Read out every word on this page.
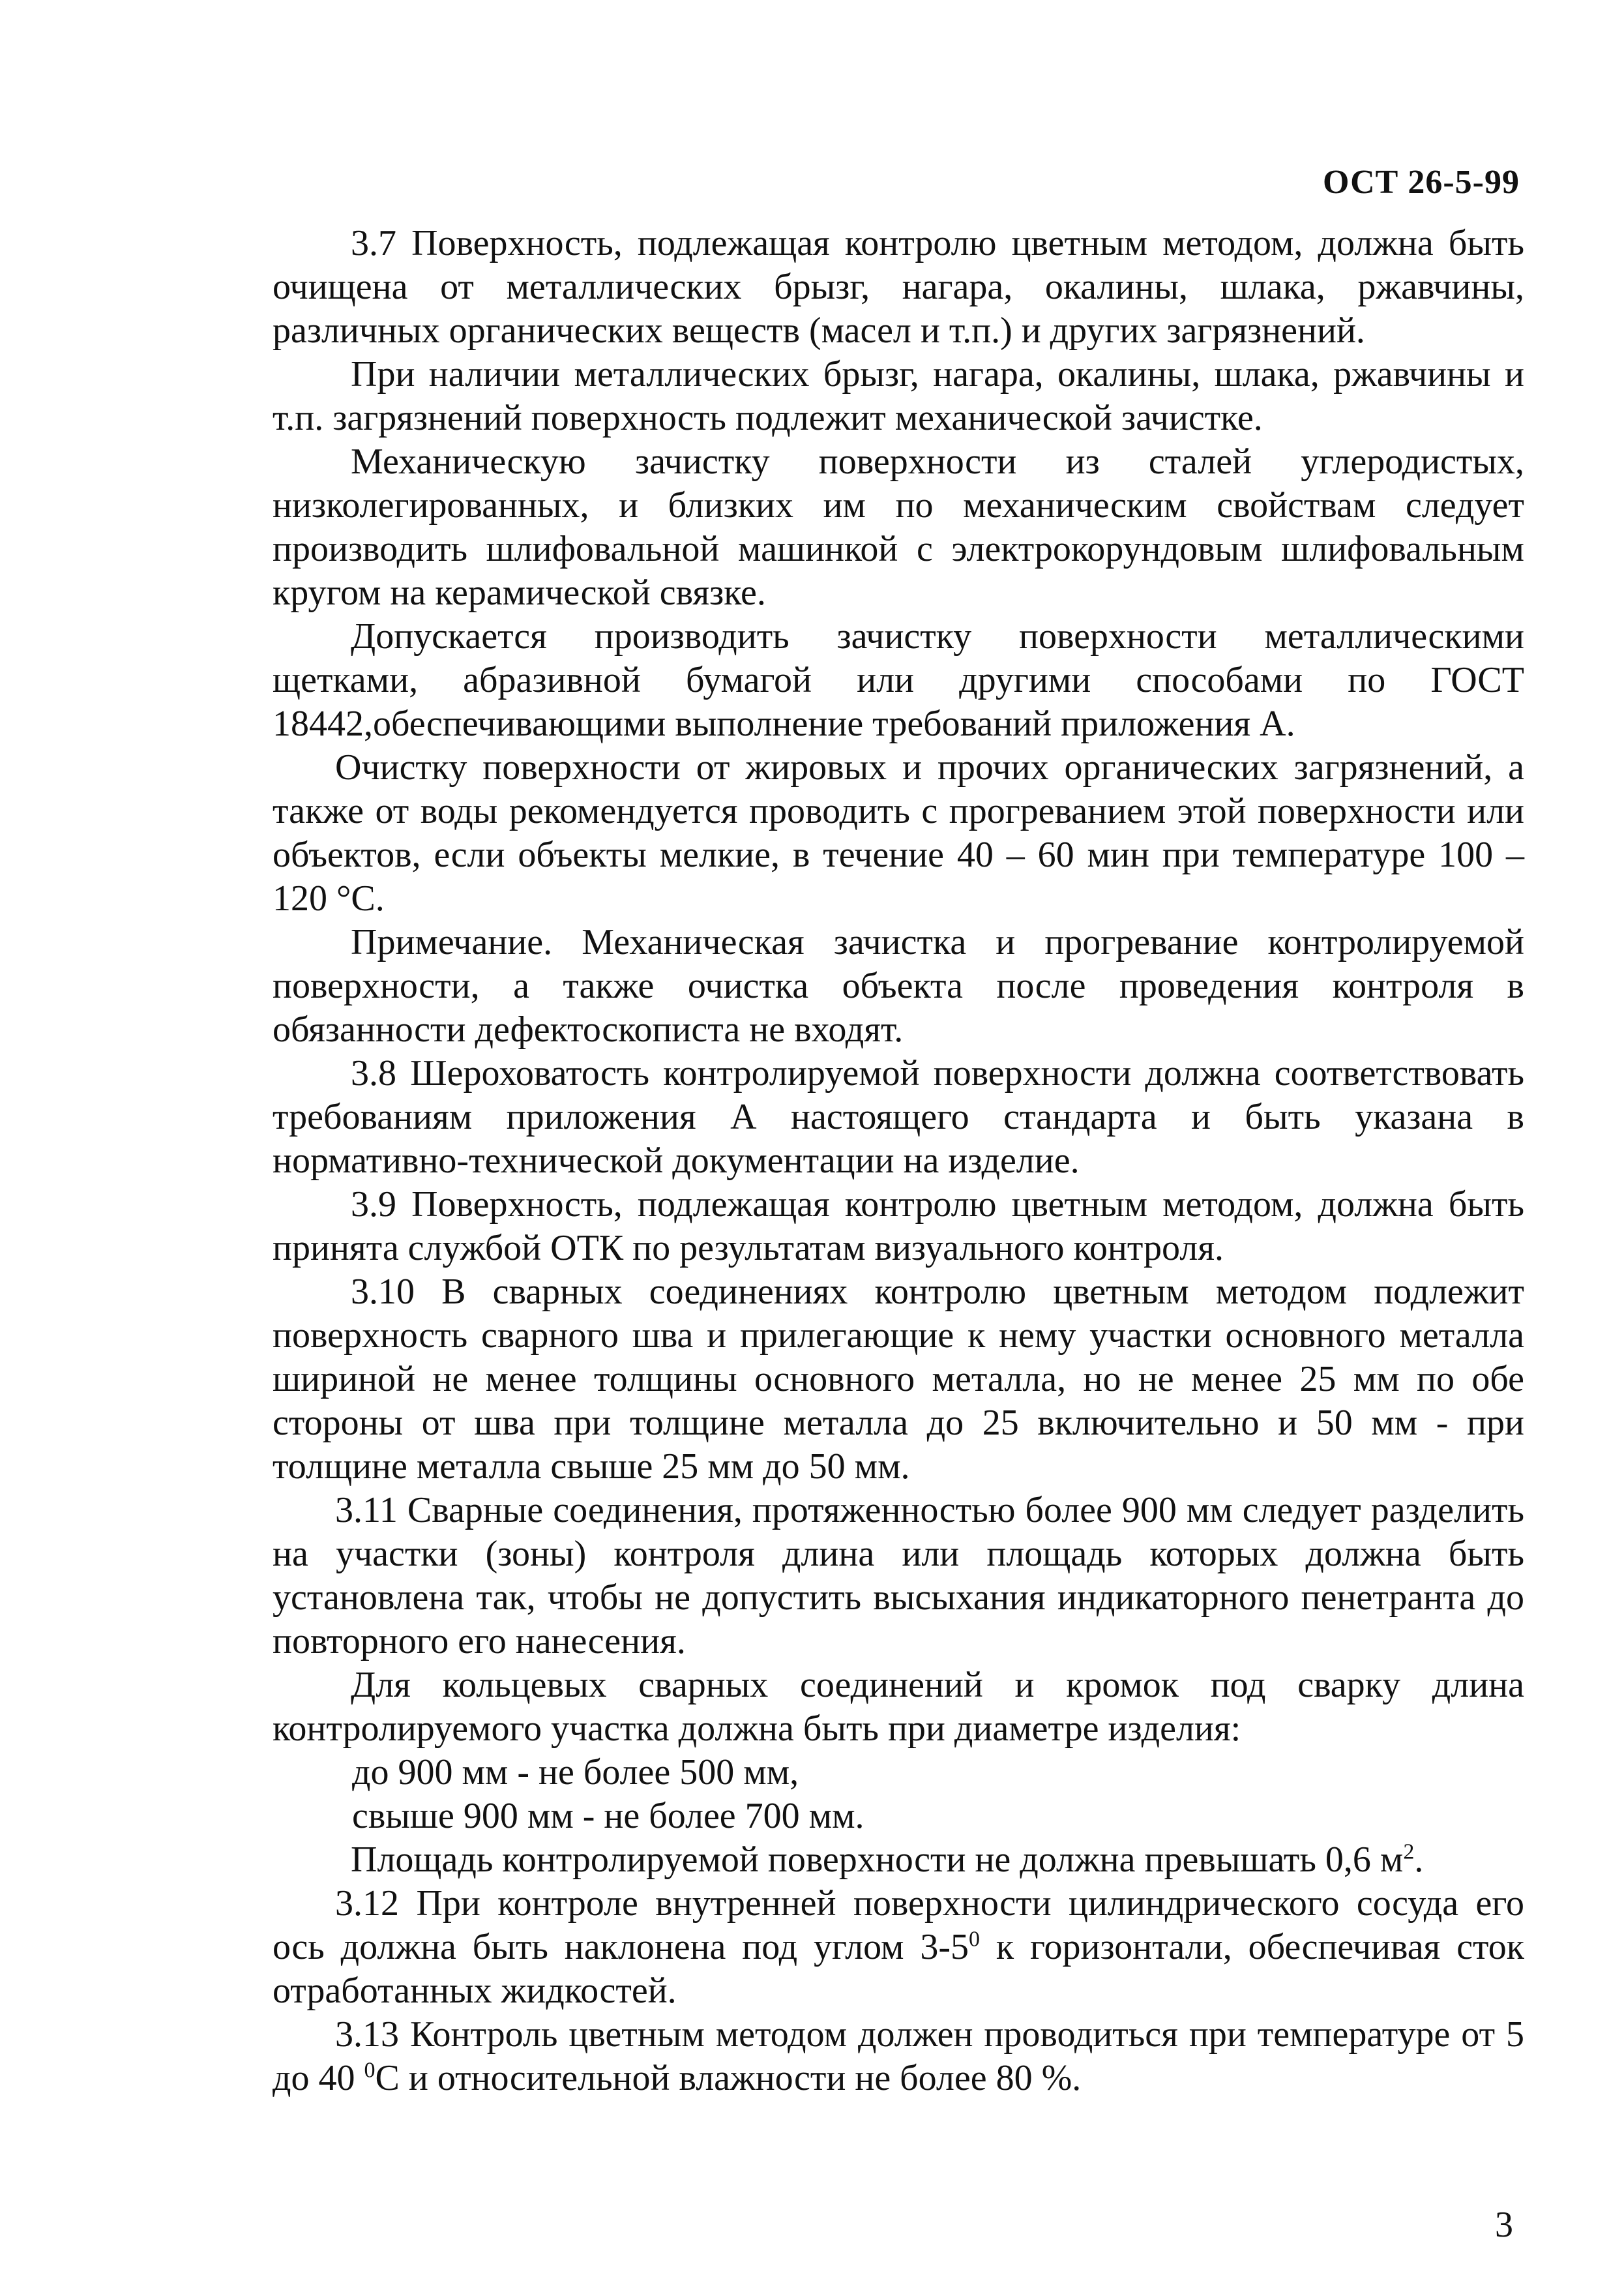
ОСТ 26-5-99

3.7 Поверхность, подлежащая контролю цветным методом, должна быть очищена от металлических брызг, нагара, окалины, шлака, ржавчины, различных органических веществ (масел и т.п.) и других загрязнений.

При наличии металлических брызг, нагара, окалины, шлака, ржавчины и т.п. загрязнений поверхность подлежит механической зачистке.

Механическую зачистку поверхности из сталей углеродистых, низколегированных, и близких им по механическим свойствам следует производить шлифовальной машинкой с электрокорундовым шлифовальным кругом на керамической связке.

Допускается производить зачистку поверхности металлическими щетками, абразивной бумагой или другими способами по ГОСТ 18442,обеспечивающими выполнение требований приложения А.

Очистку поверхности от жировых и прочих органических загрязнений, а также от воды рекомендуется проводить с прогреванием этой поверхности или объектов, если объекты мелкие, в течение 40 – 60 мин при температуре 100 – 120 °С.

Примечание. Механическая зачистка и прогревание контролируемой поверхности, а также очистка объекта после проведения контроля в обязанности дефектоскописта не входят.

3.8 Шероховатость контролируемой поверхности должна соответствовать требованиям приложения А настоящего стандарта и быть указана в нормативно-технической документации на изделие.

3.9 Поверхность, подлежащая контролю цветным методом, должна быть принята службой ОТК по результатам визуального контроля.

3.10 В сварных соединениях контролю цветным методом подлежит поверхность сварного шва и прилегающие к нему участки основного металла шириной не менее толщины основного металла, но не менее 25 мм по обе стороны от шва при толщине металла до 25 включительно и 50 мм - при толщине металла свыше 25 мм до 50 мм.

3.11 Сварные соединения, протяженностью более 900 мм следует разделить на участки (зоны) контроля длина или площадь которых должна быть установлена так, чтобы не допустить высыхания индикаторного пенетранта до повторного его нанесения.

Для кольцевых сварных соединений и кромок под сварку длина контролируемого участка должна быть при диаметре изделия:

до 900 мм - не более 500 мм,

свыше 900 мм - не более 700 мм.

Площадь контролируемой поверхности не должна превышать 0,6 $м^2$.

3.12 При контроле внутренней поверхности цилиндрического сосуда его ось должна быть наклонена под углом $3-5^0$ к горизонтали, обеспечивая сток отработанных жидкостей.

3.13 Контроль цветным методом должен проводиться при температуре от 5 до 40 $^0$С и относительной влажности не более 80 %.

3
